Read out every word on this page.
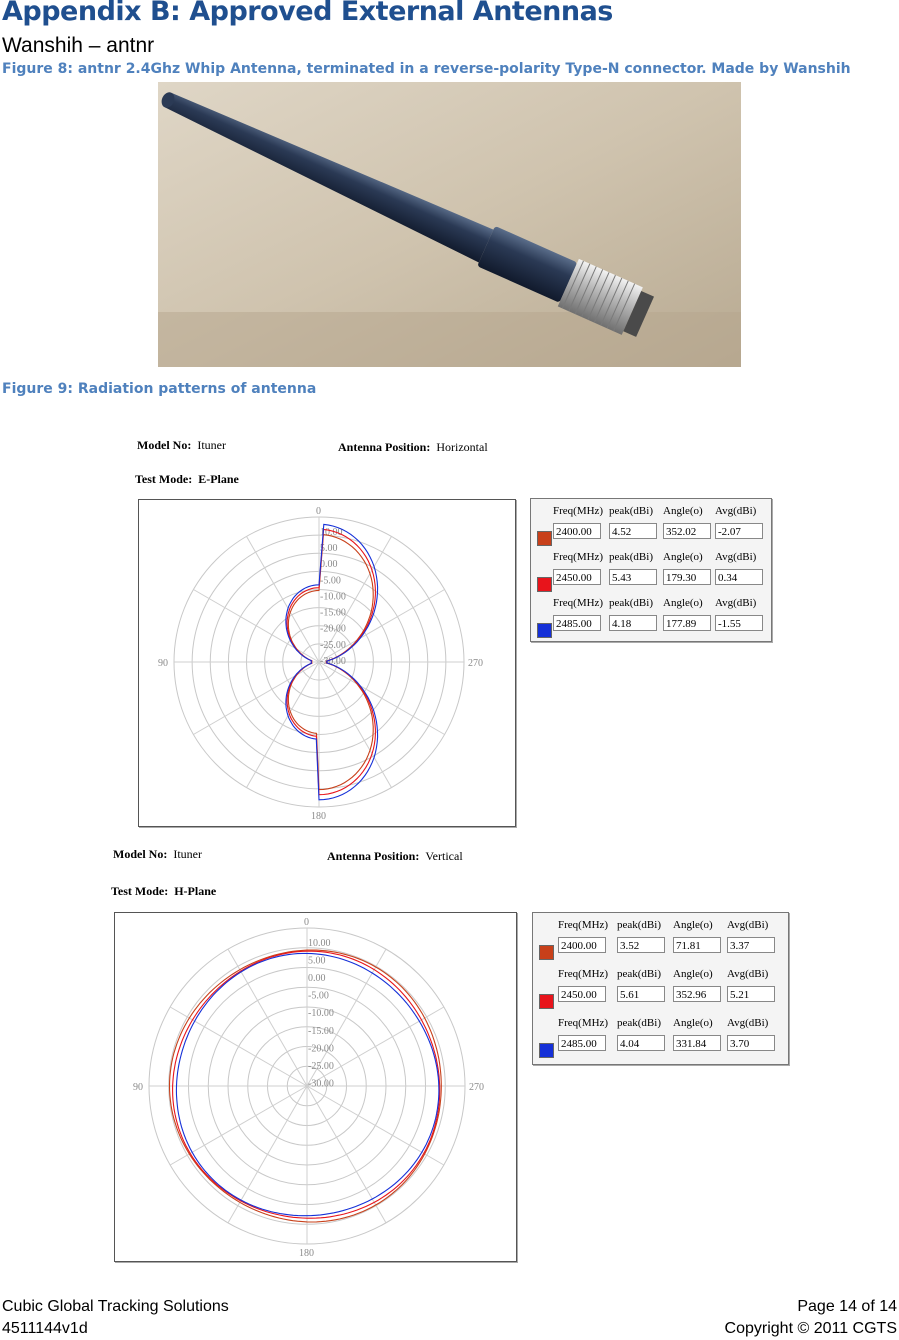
Appendix B: Approved External Antennas
Wanshih – antnr
Figure 8: antnr 2.4Ghz Whip Antenna, terminated in a reverse-polarity Type-N connector. Made by Wanshih
Figure 9: Radiation patterns of antenna
Model No: Ituner	Antenna Position: Horizontal
Test Mode: E-Plane
10.00
5.00
0.00
-5.00
-10.00
-15.00
-20.00
-25.00
-30.00
0
180
90	270
Freq(MHz)
2400.00
peak(dBi)
4.52
Angle(o)
352.02
Avg(dBi)
-2.07
Freq(MHz)
2450.00
peak(dBi)
5.43
Angle(o)
179.30
Avg(dBi)
0.34
Freq(MHz)
2485.00
peak(dBi)
4.18
Angle(o)
177.89
Avg(dBi)
-1.55
Model No: Ituner	Antenna Position: Vertical
Test Mode: H-Plane
10.00
5.00
0.00
-5.00
-10.00
-15.00
-20.00
-25.00
-30.00
0
180
90	270
Freq(MHz)
2400.00
peak(dBi)
3.52
Angle(o)
71.81
Avg(dBi)
3.37
Freq(MHz)
2450.00
peak(dBi)
5.61
Angle(o)
352.96
Avg(dBi)
5.21
Freq(MHz)
2485.00
peak(dBi)
4.04
Angle(o)
331.84
Avg(dBi)
3.70
Cubic Global Tracking Solutions
4511144v1d
Page 14 of 14
Copyright © 2011 CGTS
